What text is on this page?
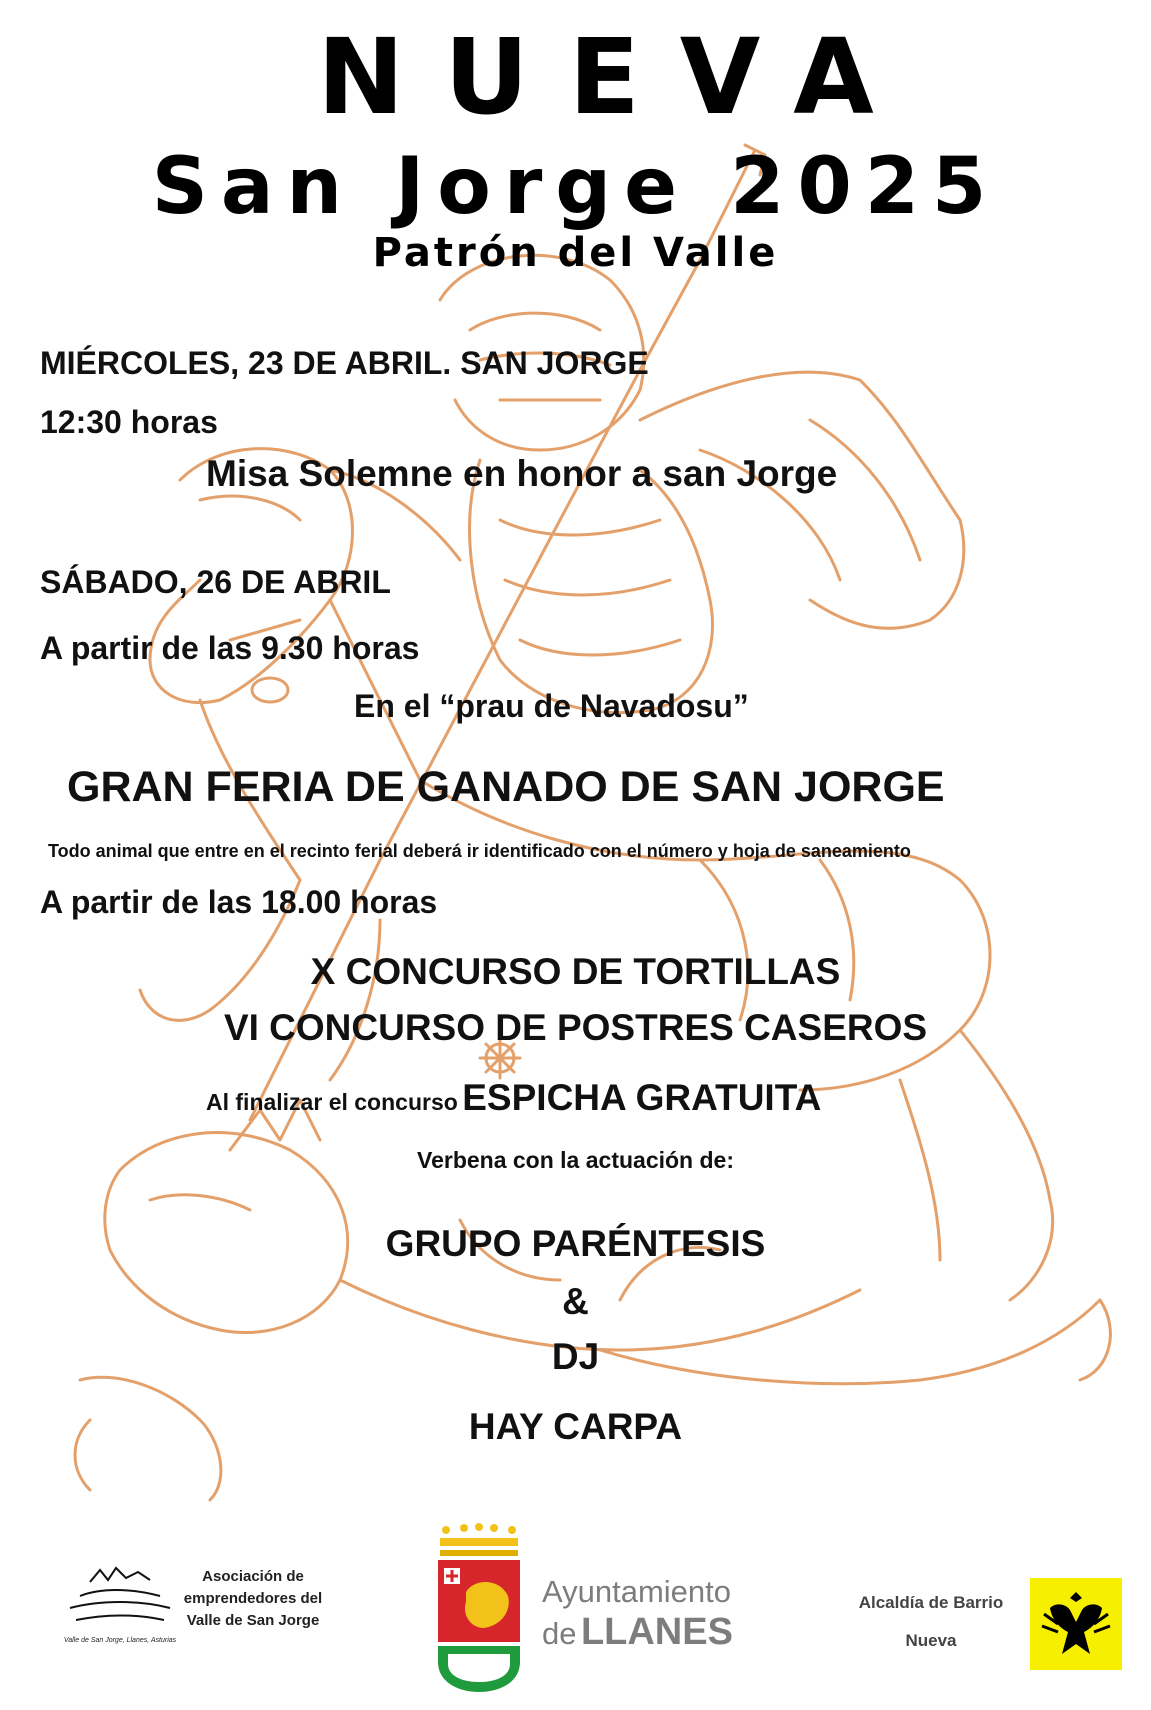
NUEVA
San Jorge 2025
Patrón del Valle
MIÉRCOLES, 23 DE ABRIL. SAN JORGE
12:30 horas
Misa Solemne en honor a san Jorge
SÁBADO, 26 DE ABRIL
A partir de las 9.30 horas
En el “prau de Navadosu”
GRAN FERIA DE GANADO DE SAN JORGE
Todo animal que entre en el recinto ferial deberá ir identificado con el número y hoja de saneamiento
A partir de las 18.00 horas
X CONCURSO DE TORTILLAS
VI CONCURSO DE POSTRES CASEROS
Al finalizar el concurso ESPICHA GRATUITA
Verbena con la actuación de:
GRUPO PARÉNTESIS
&
DJ
HAY CARPA
Valle de San Jorge, Llanes, Asturias
Asociación de
emprendedores del
Valle de San Jorge
Ayuntamiento
de LLANES
Alcaldía de Barrio
Nueva
